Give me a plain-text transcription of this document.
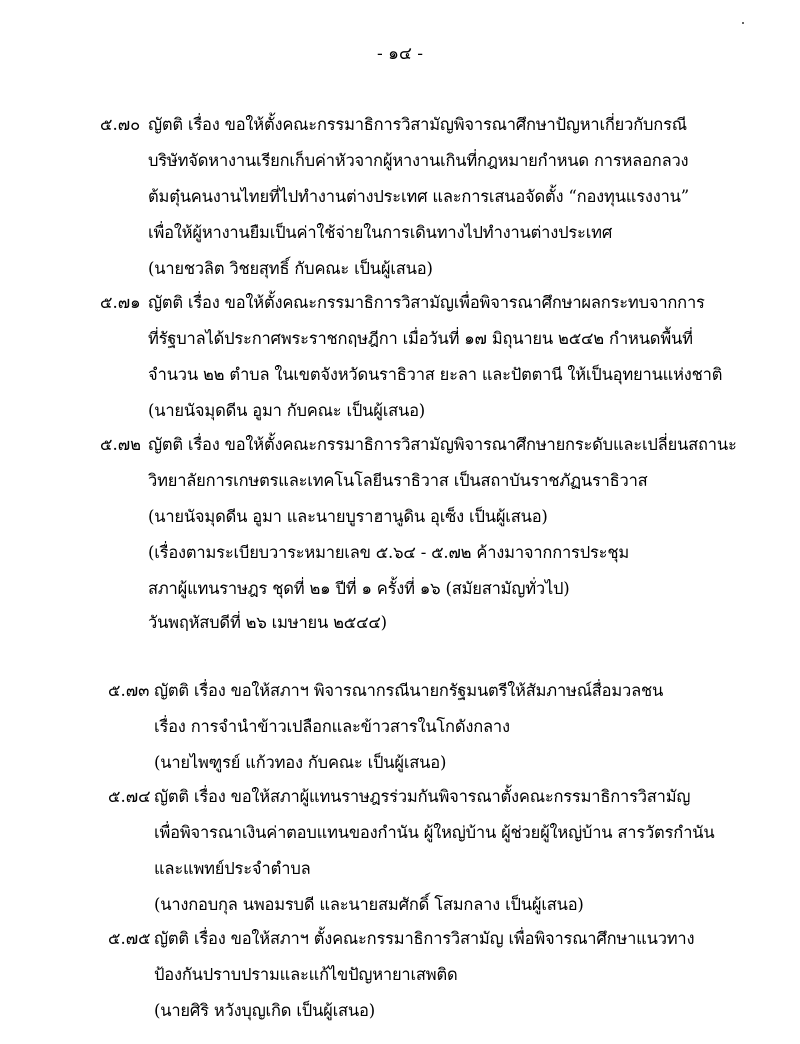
- ๑๔ -
๕.๗๐ ญัตติ เรื่อง ขอให้ตั้งคณะกรรมาธิการวิสามัญพิจารณาศึกษาปัญหาเกี่ยวกับกรณี
บริษัทจัดหางานเรียกเก็บค่าหัวจากผู้หางานเกินที่กฎหมายกำหนด การหลอกลวง
ต้มตุ๋นคนงานไทยที่ไปทำงานต่างประเทศ และการเสนอจัดตั้ง “กองทุนแรงงาน”
เพื่อให้ผู้หางานยืมเป็นค่าใช้จ่ายในการเดินทางไปทำงานต่างประเทศ
(นายชวลิต วิชยสุทธิ์ กับคณะ เป็นผู้เสนอ)
๕.๗๑ ญัตติ เรื่อง ขอให้ตั้งคณะกรรมาธิการวิสามัญเพื่อพิจารณาศึกษาผลกระทบจากการ
ที่รัฐบาลได้ประกาศพระราชกฤษฎีกา เมื่อวันที่ ๑๗ มิถุนายน ๒๕๔๒ กำหนดพื้นที่
จำนวน ๒๒ ตำบล ในเขตจังหวัดนราธิวาส ยะลา และปัตตานี ให้เป็นอุทยานแห่งชาติ
(นายนัจมุดดีน อูมา กับคณะ เป็นผู้เสนอ)
๕.๗๒ ญัตติ เรื่อง ขอให้ตั้งคณะกรรมาธิการวิสามัญพิจารณาศึกษายกระดับและเปลี่ยนสถานะ
วิทยาลัยการเกษตรและเทคโนโลยีนราธิวาส เป็นสถาบันราชภัฏนราธิวาส
(นายนัจมุดดีน อูมา และนายบูราฮานูดิน อุเซ็ง เป็นผู้เสนอ)
(เรื่องตามระเบียบวาระหมายเลข ๕.๖๔ - ๕.๗๒ ค้างมาจากการประชุม
สภาผู้แทนราษฎร ชุดที่ ๒๑ ปีที่ ๑ ครั้งที่ ๑๖ (สมัยสามัญทั่วไป)
วันพฤหัสบดีที่ ๒๖ เมษายน ๒๕๔๔)
๕.๗๓ ญัตติ เรื่อง ขอให้สภาฯ พิจารณากรณีนายกรัฐมนตรีให้สัมภาษณ์สื่อมวลชน
เรื่อง การจำนำข้าวเปลือกและข้าวสารในโกดังกลาง
(นายไพฑูรย์ แก้วทอง กับคณะ เป็นผู้เสนอ)
๕.๗๔ ญัตติ เรื่อง ขอให้สภาผู้แทนราษฎรร่วมกันพิจารณาตั้งคณะกรรมาธิการวิสามัญ
เพื่อพิจารณาเงินค่าตอบแทนของกำนัน ผู้ใหญ่บ้าน ผู้ช่วยผู้ใหญ่บ้าน สารวัตรกำนัน
และแพทย์ประจำตำบล
(นางกอบกุล นพอมรบดี และนายสมศักดิ์ โสมกลาง เป็นผู้เสนอ)
๕.๗๕ ญัตติ เรื่อง ขอให้สภาฯ ตั้งคณะกรรมาธิการวิสามัญ เพื่อพิจารณาศึกษาแนวทาง
ป้องกันปราบปรามและแก้ไขปัญหายาเสพติด
(นายศิริ หวังบุญเกิด เป็นผู้เสนอ)
